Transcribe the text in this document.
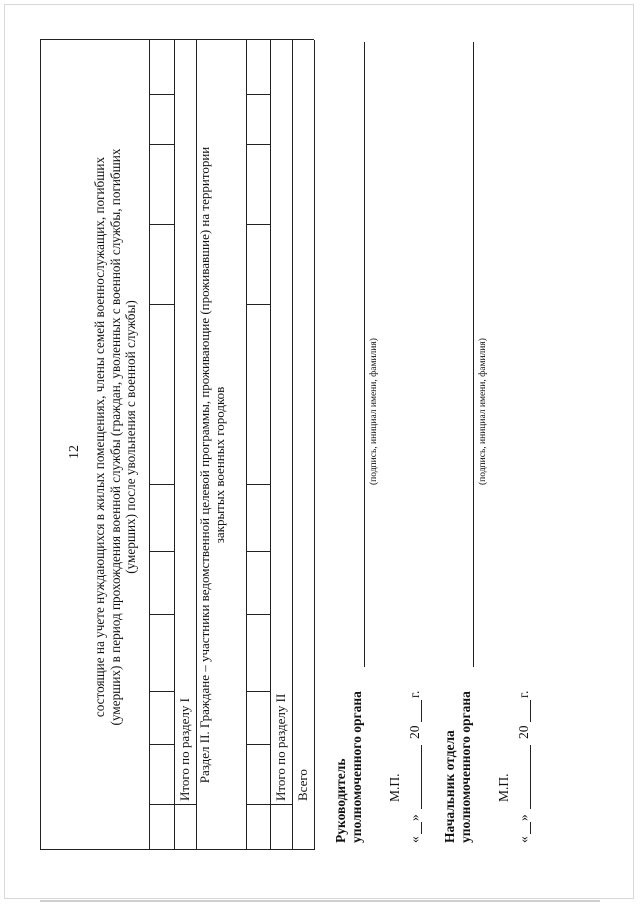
12 состоящие на учете нуждающихся в жилых помещениях, члены семей военнослужащих, погибших (умерших) в период прохождения военной службы (граждан, уволенных с военной службы, погибших (умерших) после увольнения с военной службы)
Итого по разделу I Раздел II. Граждане – участники ведомственной целевой программы, проживающие (проживавшие) на территории закрытых военных городков
Итого по разделу II Всего Руководитель уполномоченного органа
(подпись, инициал имени, фамилия)
М.П.
«
»
20
г.
Начальник отдела уполномоченного органа
(подпись, инициал имени, фамилия)
М.П.
«
»
20
г.
